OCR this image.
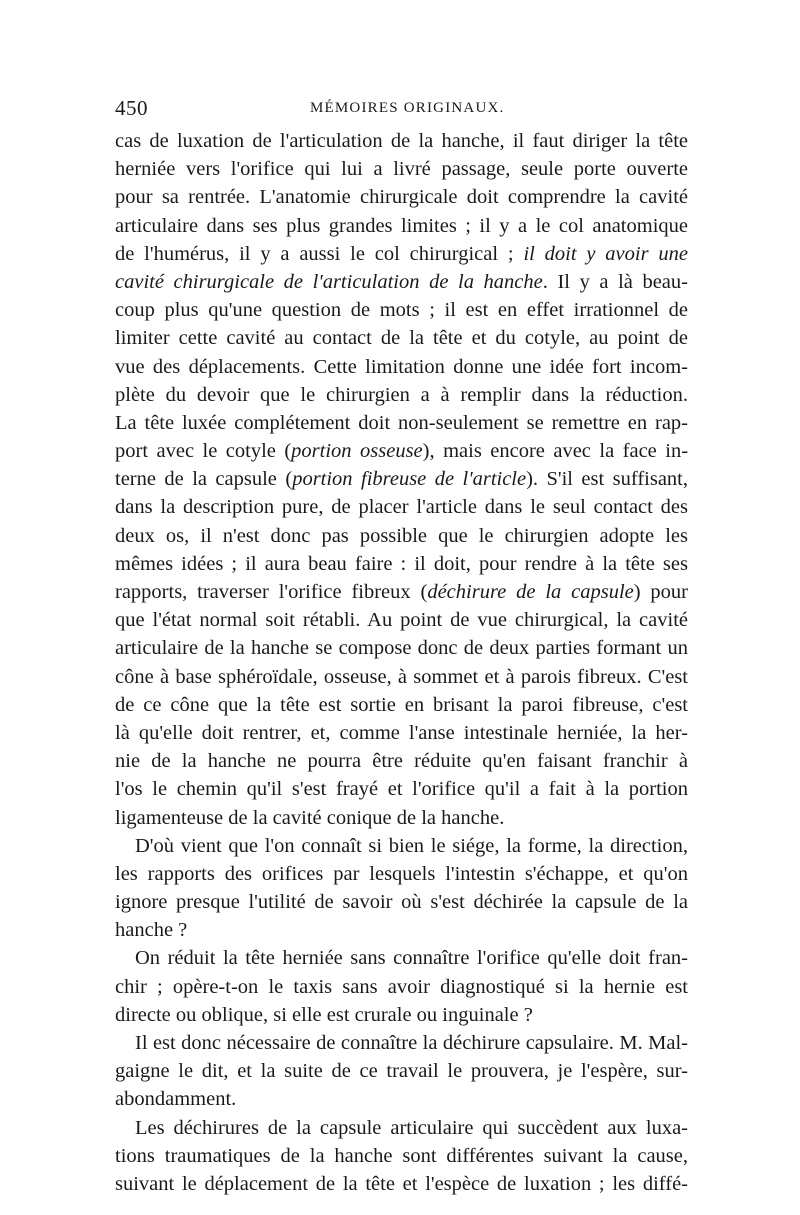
450	MÉMOIRES ORIGINAUX.
cas de luxation de l'articulation de la hanche, il faut diriger la tête
herniée vers l'orifice qui lui a livré passage, seule porte ouverte
pour sa rentrée. L'anatomie chirurgicale doit comprendre la cavité
articulaire dans ses plus grandes limites ; il y a le col anatomique
de l'humérus, il y a aussi le col chirurgical ; il doit y avoir une
cavité chirurgicale de l'articulation de la hanche. Il y a là beau-
coup plus qu'une question de mots ; il est en effet irrationnel de
limiter cette cavité au contact de la tête et du cotyle, au point de
vue des déplacements. Cette limitation donne une idée fort incom-
plète du devoir que le chirurgien a à remplir dans la réduction.
La tête luxée complétement doit non-seulement se remettre en rap-
port avec le cotyle (portion osseuse), mais encore avec la face in-
terne de la capsule (portion fibreuse de l'article). S'il est suffisant,
dans la description pure, de placer l'article dans le seul contact des
deux os, il n'est donc pas possible que le chirurgien adopte les
mêmes idées ; il aura beau faire : il doit, pour rendre à la tête ses
rapports, traverser l'orifice fibreux (déchirure de la capsule) pour
que l'état normal soit rétabli. Au point de vue chirurgical, la cavité
articulaire de la hanche se compose donc de deux parties formant un
cône à base sphéroïdale, osseuse, à sommet et à parois fibreux. C'est
de ce cône que la tête est sortie en brisant la paroi fibreuse, c'est
là qu'elle doit rentrer, et, comme l'anse intestinale herniée, la her-
nie de la hanche ne pourra être réduite qu'en faisant franchir à
l'os le chemin qu'il s'est frayé et l'orifice qu'il a fait à la portion
ligamenteuse de la cavité conique de la hanche.
D'où vient que l'on connaît si bien le siége, la forme, la direction,
les rapports des orifices par lesquels l'intestin s'échappe, et qu'on
ignore presque l'utilité de savoir où s'est déchirée la capsule de la
hanche ?
On réduit la tête herniée sans connaître l'orifice qu'elle doit fran-
chir ; opère-t-on le taxis sans avoir diagnostiqué si la hernie est
directe ou oblique, si elle est crurale ou inguinale ?
Il est donc nécessaire de connaître la déchirure capsulaire. M. Mal-
gaigne le dit, et la suite de ce travail le prouvera, je l'espère, sur-
abondamment.
Les déchirures de la capsule articulaire qui succèdent aux luxa-
tions traumatiques de la hanche sont différentes suivant la cause,
suivant le déplacement de la tête et l'espèce de luxation ; les diffé-
